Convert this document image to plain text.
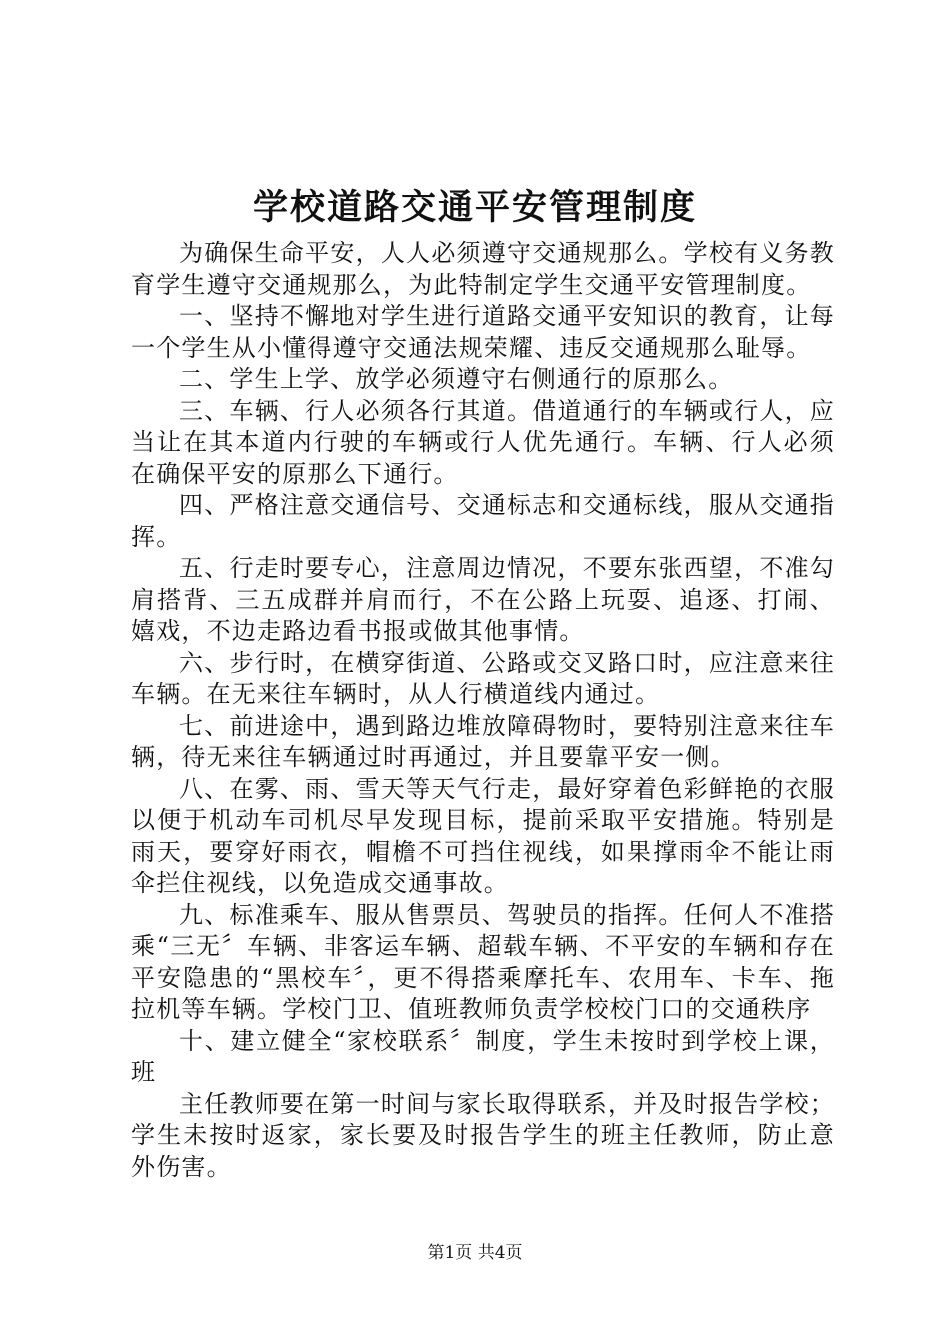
学校道路交通平安管理制度

为确保生命平安，人人必须遵守交通规那么。学校有义务教育学生遵守交通规那么，为此特制定学生交通平安管理制度。

一、坚持不懈地对学生进行道路交通平安知识的教育，让每一个学生从小懂得遵守交通法规荣耀、违反交通规那么耻辱。

二、学生上学、放学必须遵守右侧通行的原那么。

三、车辆、行人必须各行其道。借道通行的车辆或行人，应当让在其本道内行驶的车辆或行人优先通行。车辆、行人必须在确保平安的原那么下通行。

四、严格注意交通信号、交通标志和交通标线，服从交通指挥。

五、行走时要专心，注意周边情况，不要东张西望，不准勾肩搭背、三五成群并肩而行，不在公路上玩耍、追逐、打闹、嬉戏，不边走路边看书报或做其他事情。

六、步行时，在横穿街道、公路或交叉路口时，应注意来往车辆。在无来往车辆时，从人行横道线内通过。

七、前进途中，遇到路边堆放障碍物时，要特别注意来往车辆，待无来往车辆通过时再通过，并且要靠平安一侧。

八、在雾、雨、雪天等天气行走，最好穿着色彩鲜艳的衣服以便于机动车司机尽早发现目标，提前采取平安措施。特别是雨天，要穿好雨衣，帽檐不可挡住视线，如果撑雨伞不能让雨伞拦住视线，以免造成交通事故。

九、标准乘车、服从售票员、驾驶员的指挥。任何人不准搭乘“三无〞车辆、非客运车辆、超载车辆、不平安的车辆和存在平安隐患的“黑校车〞，更不得搭乘摩托车、农用车、卡车、拖拉机等车辆。学校门卫、值班教师负责学校校门口的交通秩序

十、建立健全“家校联系〞制度，学生未按时到学校上课，班

主任教师要在第一时间与家长取得联系，并及时报告学校；学生未按时返家，家长要及时报告学生的班主任教师，防止意外伤害。

第1页 共4页
